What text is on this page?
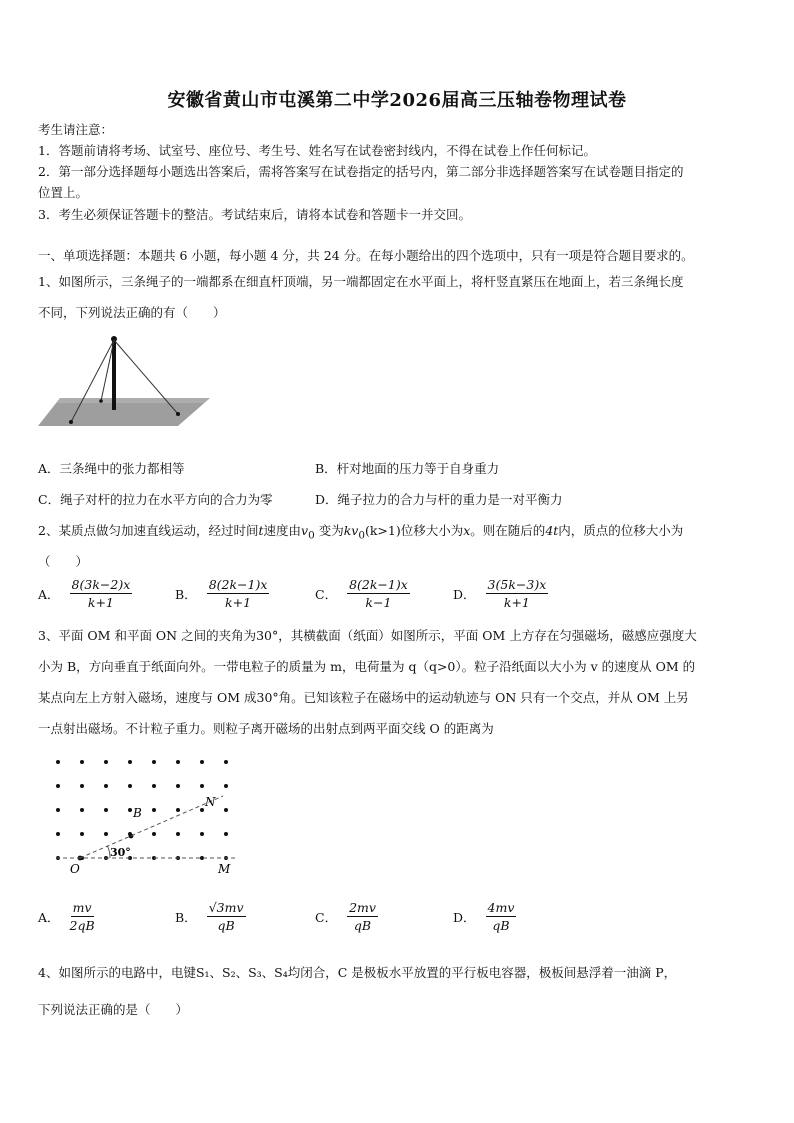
安徽省黄山市屯溪第二中学2026届高三压轴卷物理试卷
考生请注意：
1．答题前请将考场、试室号、座位号、考生号、姓名写在试卷密封线内，不得在试卷上作任何标记。
2．第一部分选择题每小题选出答案后，需将答案写在试卷指定的括号内，第二部分非选择题答案写在试卷题目指定的
位置上。
3．考生必须保证答题卡的整洁。考试结束后，请将本试卷和答题卡一并交回。
一、单项选择题：本题共 6 小题，每小题 4 分，共 24 分。在每小题给出的四个选项中，只有一项是符合题目要求的。
1、如图所示，三条绳子的一端都系在细直杆顶端，另一端都固定在水平面上，将杆竖直紧压在地面上，若三条绳长度
不同，下列说法正确的有（　　）
A．三条绳中的张力都相等	B．杆对地面的压力等于自身重力
C．绳子对杆的拉力在水平方向的合力为零	D．绳子拉力的合力与杆的重力是一对平衡力
2、某质点做匀加速直线运动，经过时间t速度由$v_0$ 变为$kv_0(k>1)$位移大小为x。则在随后的4t内，质点的位移大小为
（　　）
A． $\frac{8(3k-2)x}{k+1}$	B． $\frac{8(2k-1)x}{k+1}$	C． $\frac{8(2k-1)x}{k-1}$	D． $\frac{3(5k-3)x}{k+1}$
3、平面 OM 和平面 ON 之间的夹角为30°，其横截面（纸面）如图所示，平面 OM 上方存在匀强磁场，磁感应强度大
小为 B，方向垂直于纸面向外。一带电粒子的质量为 m，电荷量为 q（q>0）。粒子沿纸面以大小为 v 的速度从 OM 的
某点向左上方射入磁场，速度与 OM 成30°角。已知该粒子在磁场中的运动轨迹与 ON 只有一个交点，并从 OM 上另
一点射出磁场。不计粒子重力。则粒子离开磁场的出射点到两平面交线 O 的距离为
30°
B
N
O	M
A． $\frac{mv}{2qB}$	B． $\frac{√3mv}{qB}$	C． $\frac{2mv}{qB}$	D． $\frac{4mv}{qB}$
4、如图所示的电路中，电键S₁、S₂、S₃、S₄均闭合，C 是极板水平放置的平行板电容器，极板间悬浮着一油滴 P，
下列说法正确的是（　　）
